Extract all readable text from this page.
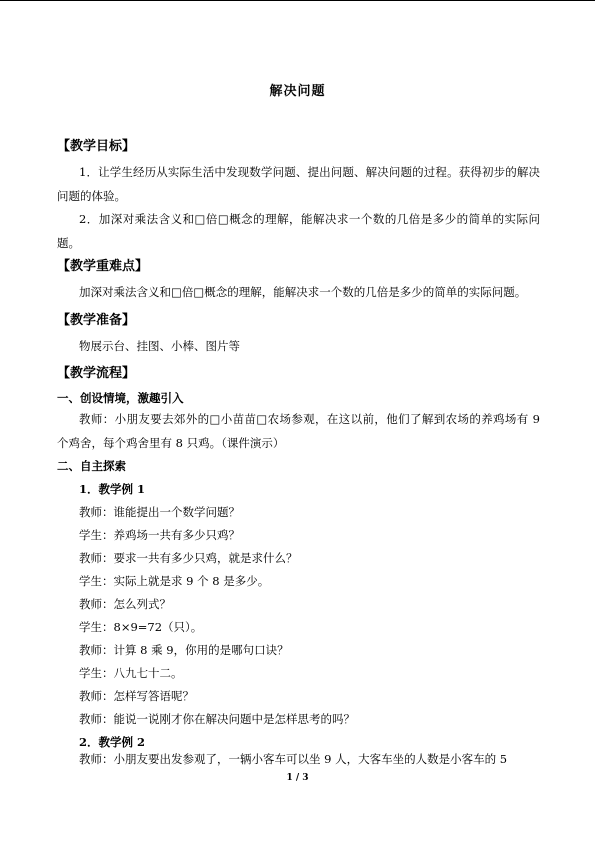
解决问题
【教学目标】
1．让学生经历从实际生活中发现数学问题、提出问题、解决问题的过程。获得初步的解决问题的体验。
2．加深对乘法含义和□倍□概念的理解，能解决求一个数的几倍是多少的简单的实际问题。
【教学重难点】
加深对乘法含义和□倍□概念的理解，能解决求一个数的几倍是多少的简单的实际问题。
【教学准备】
物展示台、挂图、小棒、图片等
【教学流程】
一、创设情境，激趣引入
教师：小朋友要去郊外的□小苗苗□农场参观，在这以前，他们了解到农场的养鸡场有 9 个鸡舍，每个鸡舍里有 8 只鸡。（课件演示）
二、自主探索
1．教学例 1
教师：谁能提出一个数学问题？
学生：养鸡场一共有多少只鸡？
教师：要求一共有多少只鸡，就是求什么？
学生：实际上就是求 9 个 8 是多少。
教师：怎么列式？
学生：8×9=72（只）。
教师：计算 8 乘 9，你用的是哪句口诀？
学生：八九七十二。
教师：怎样写答语呢？
教师：能说一说刚才你在解决问题中是怎样思考的吗？
2．教学例 2
教师：小朋友要出发参观了，一辆小客车可以坐 9 人，大客车坐的人数是小客车的 5
1 / 3
